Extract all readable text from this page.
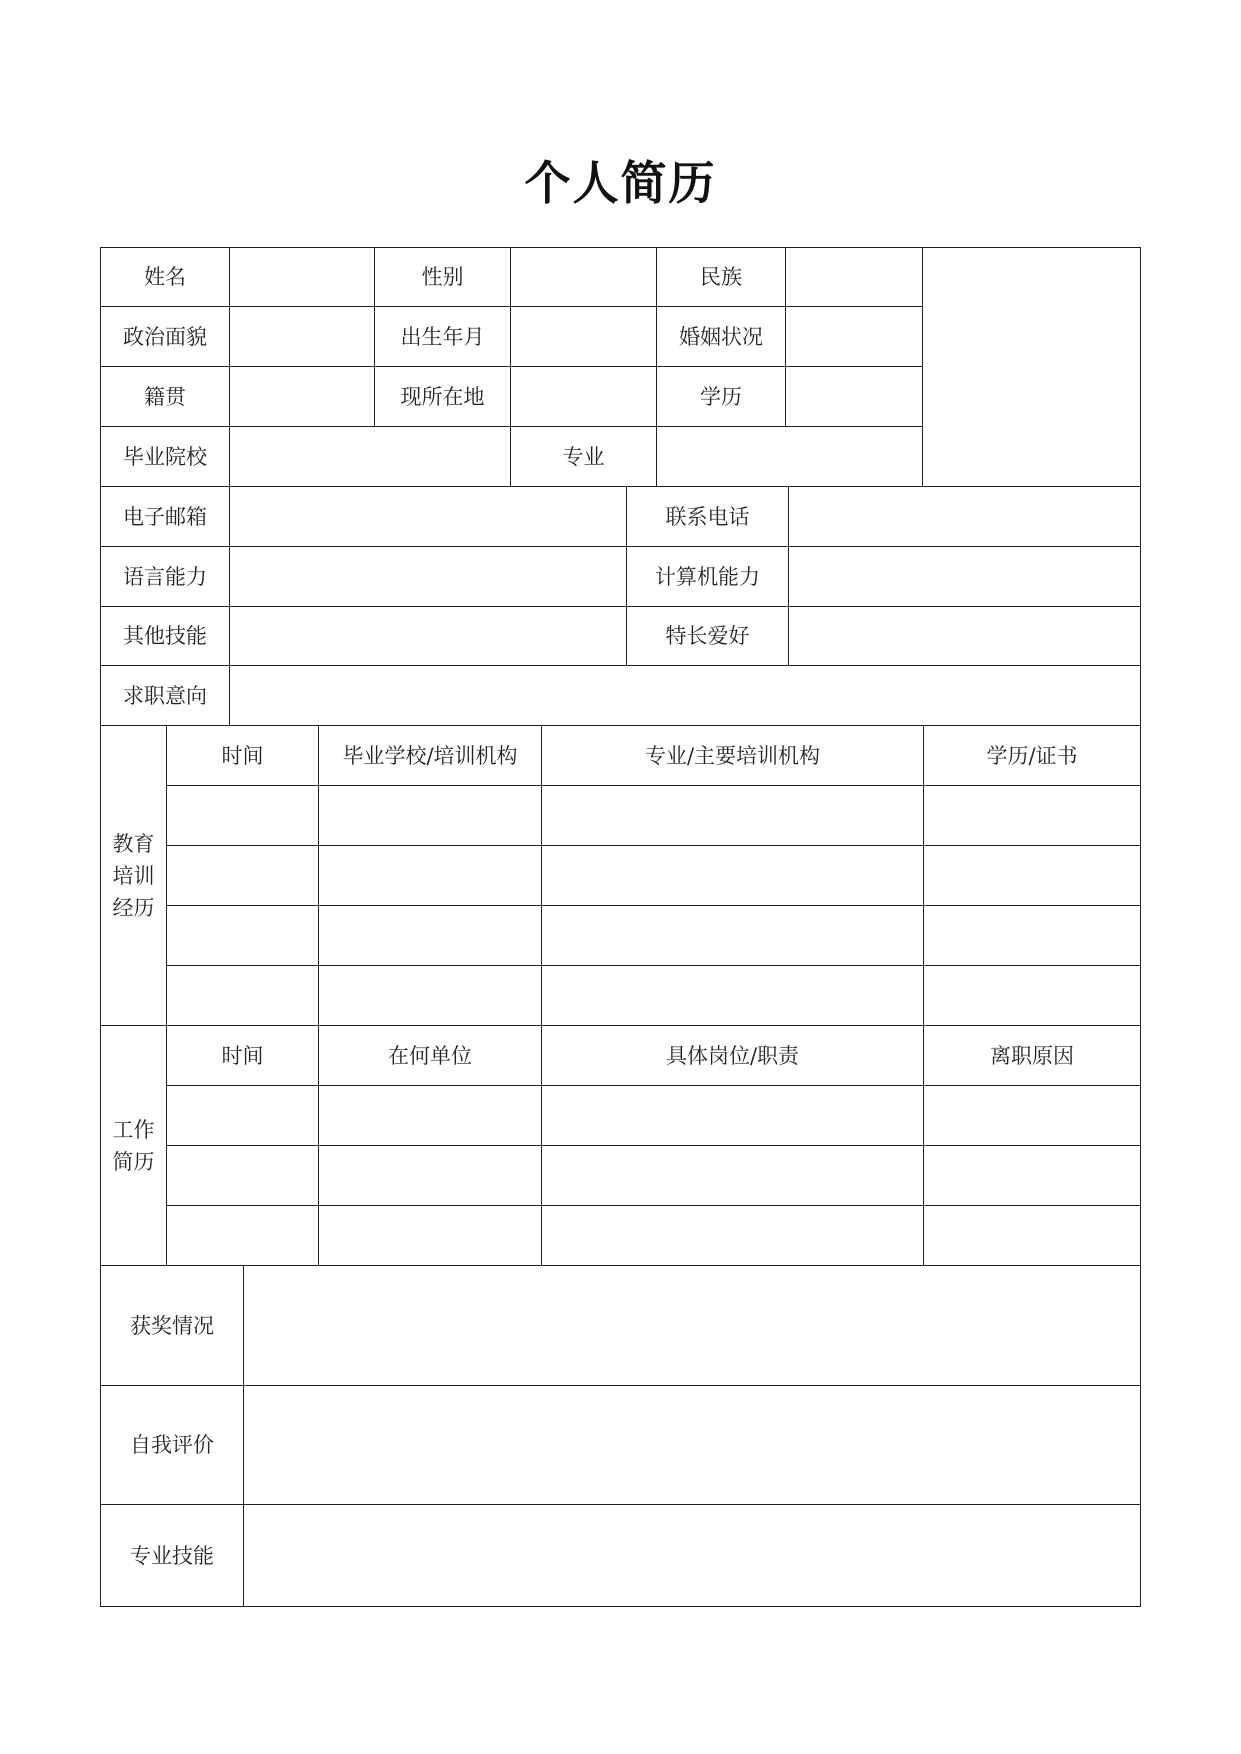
个人简历
姓名	性别	民族
政治面貌	出生年月	婚姻状况
籍贯	现所在地	学历
毕业院校	专业
电子邮箱	联系电话
语言能力	计算机能力
其他技能	特长爱好
求职意向
教育培训经历
时间	毕业学校/培训机构	专业/主要培训机构	学历/证书
工作简历
时间	在何单位	具体岗位/职责	离职原因
获奖情况
自我评价
专业技能
